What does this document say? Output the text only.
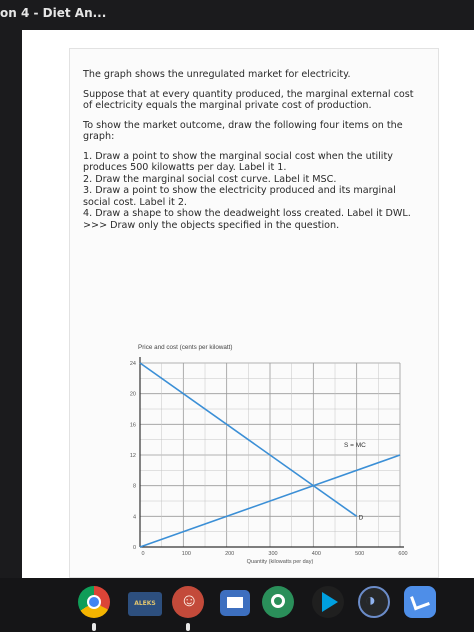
on 4 - Diet An...

The graph shows the unregulated market for electricity.

Suppose that at every quantity produced, the marginal external cost of electricity equals the marginal private cost of production.

To show the market outcome, draw the following four items on the graph:

1. Draw a point to show the marginal social cost when the utility produces 500 kilowatts per day. Label it 1.
2. Draw the marginal social cost curve. Label it MSC.
3. Draw a point to show the electricity produced and its marginal social cost. Label it 2.
4. Draw a shape to show the deadweight loss created. Label it DWL.
>>> Draw only the objects specified in the question.
0
4
8
12
16
20
24
0	100	200	300	400	500	600
Price and cost (cents per kilowatt)
Quantity (kilowatts per day)
D
S = MC
ALEKS
☺
◑
